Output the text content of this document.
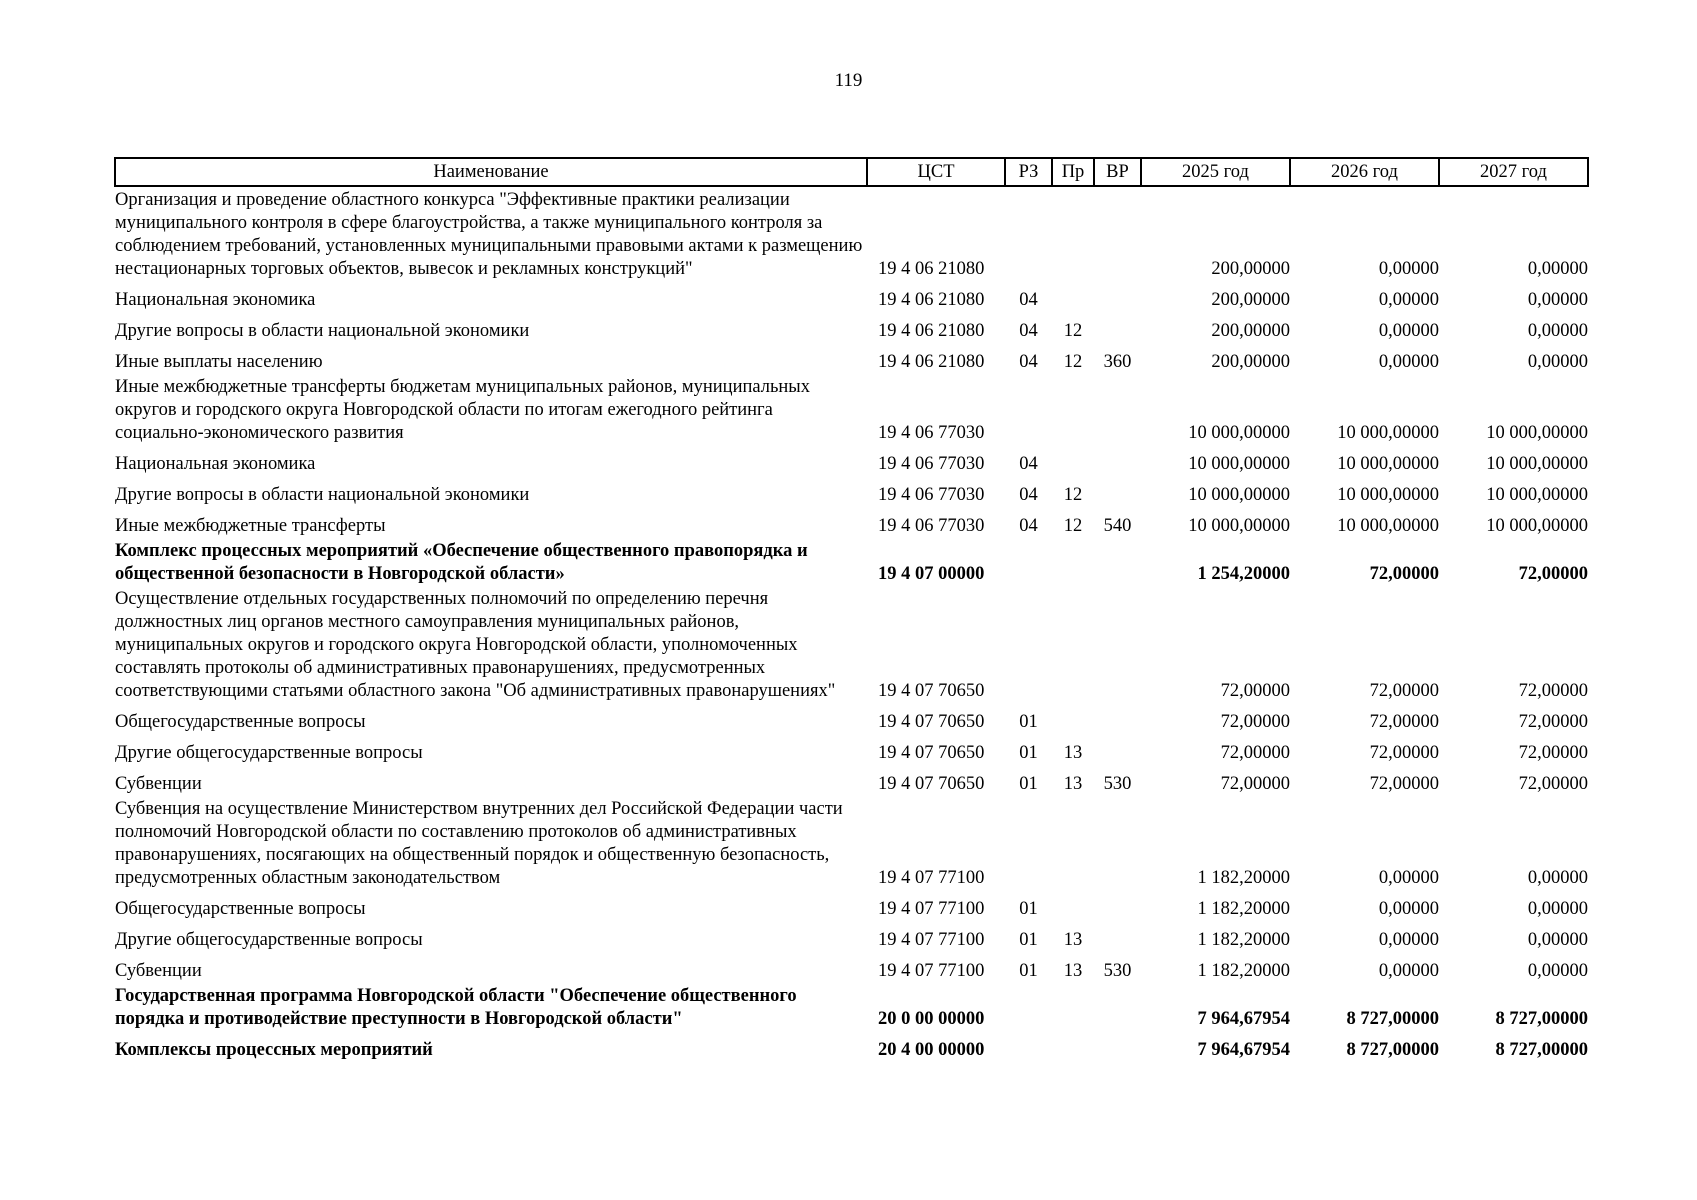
119
Наименование	ЦСТ	РЗ	Пр	ВР	2025 год	2026 год	2027 год
Организация и проведение областного конкурса "Эффективные практики реализации муниципального контроля в сфере благоустройства, а также муниципального контроля за соблюдением требований, установленных муниципальными правовыми актами к размещению нестационарных торговых объектов, вывесок и рекламных конструкций"	19 4 06 21080				200,00000	0,00000	0,00000
Национальная экономика	19 4 06 21080	04			200,00000	0,00000	0,00000
Другие вопросы в области национальной экономики	19 4 06 21080	04	12		200,00000	0,00000	0,00000
Иные выплаты населению	19 4 06 21080	04	12	360	200,00000	0,00000	0,00000
Иные межбюджетные трансферты бюджетам муниципальных районов, муниципальных округов и городского округа Новгородской области по итогам ежегодного рейтинга социально-экономического развития	19 4 06 77030				10 000,00000	10 000,00000	10 000,00000
Национальная экономика	19 4 06 77030	04			10 000,00000	10 000,00000	10 000,00000
Другие вопросы в области национальной экономики	19 4 06 77030	04	12		10 000,00000	10 000,00000	10 000,00000
Иные межбюджетные трансферты	19 4 06 77030	04	12	540	10 000,00000	10 000,00000	10 000,00000
Комплекс процессных мероприятий «Обеспечение общественного правопорядка и общественной безопасности в Новгородской области»	19 4 07 00000				1 254,20000	72,00000	72,00000
Осуществление отдельных государственных полномочий по определению перечня должностных лиц органов местного самоуправления муниципальных районов, муниципальных округов и городского округа Новгородской области, уполномоченных составлять протоколы об административных правонарушениях, предусмотренных соответствующими статьями областного закона "Об административных правонарушениях"	19 4 07 70650				72,00000	72,00000	72,00000
Общегосударственные вопросы	19 4 07 70650	01			72,00000	72,00000	72,00000
Другие общегосударственные вопросы	19 4 07 70650	01	13		72,00000	72,00000	72,00000
Субвенции	19 4 07 70650	01	13	530	72,00000	72,00000	72,00000
Субвенция на осуществление Министерством внутренних дел Российской Федерации части полномочий Новгородской области по составлению протоколов об административных правонарушениях, посягающих на общественный порядок и общественную безопасность, предусмотренных областным законодательством	19 4 07 77100				1 182,20000	0,00000	0,00000
Общегосударственные вопросы	19 4 07 77100	01			1 182,20000	0,00000	0,00000
Другие общегосударственные вопросы	19 4 07 77100	01	13		1 182,20000	0,00000	0,00000
Субвенции	19 4 07 77100	01	13	530	1 182,20000	0,00000	0,00000
Государственная программа Новгородской области "Обеспечение общественного порядка и противодействие преступности в Новгородской области"	20 0 00 00000				7 964,67954	8 727,00000	8 727,00000
Комплексы процессных мероприятий	20 4 00 00000				7 964,67954	8 727,00000	8 727,00000
